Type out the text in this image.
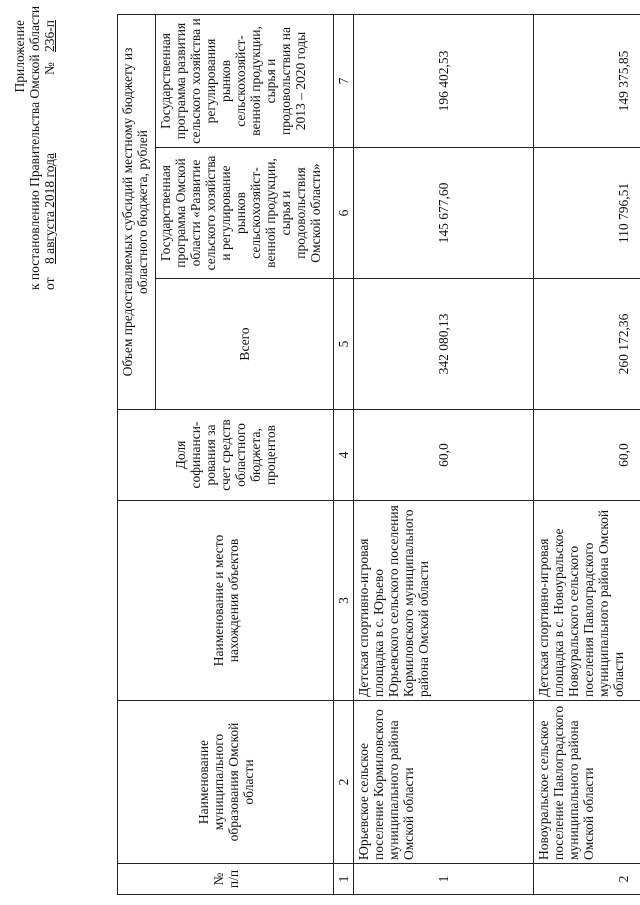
Приложение к постановлению Правительства Омской области от    8 августа 2018 года
№   236-п
№ п/п	Наименование муниципального образования Омской области	Наименование и место нахождения объектов	Доля софинанси-рования за счет средств областного бюджета, процентов	Объем предоставляемых субсидий местному бюджету из областного бюджета, рублей		
				Всего	Государственная программа Омской области «Развитие сельского хозяйства и регулирование рынков сельскохозяйст-венной продукции, сырья и продовольствия Омской области»	Государственная программа развития сельского хозяйства и регулирования рынков сельскохозяйст-венной продукции, сырья и продовольствия на 2013 – 2020 годы
1	2	3	4	5	6	7
1	Юрьевское сельское поселение Кормиловского муниципального района Омской области	Детская спортивно-игровая площадка в с. Юрьево Юрьевского сельского поселения Кормиловского муниципального района Омской области	60,0	342 080,13	145 677,60	196 402,53
2	Новоуральское сельское поселение Павлоградского муниципального района Омской области	Детская спортивно-игровая площадка в с. Новоуральское Новоуральского сельского поселения Павлоградского муниципального района Омской области	60,0	260 172,36	110 796,51	149 375,85
